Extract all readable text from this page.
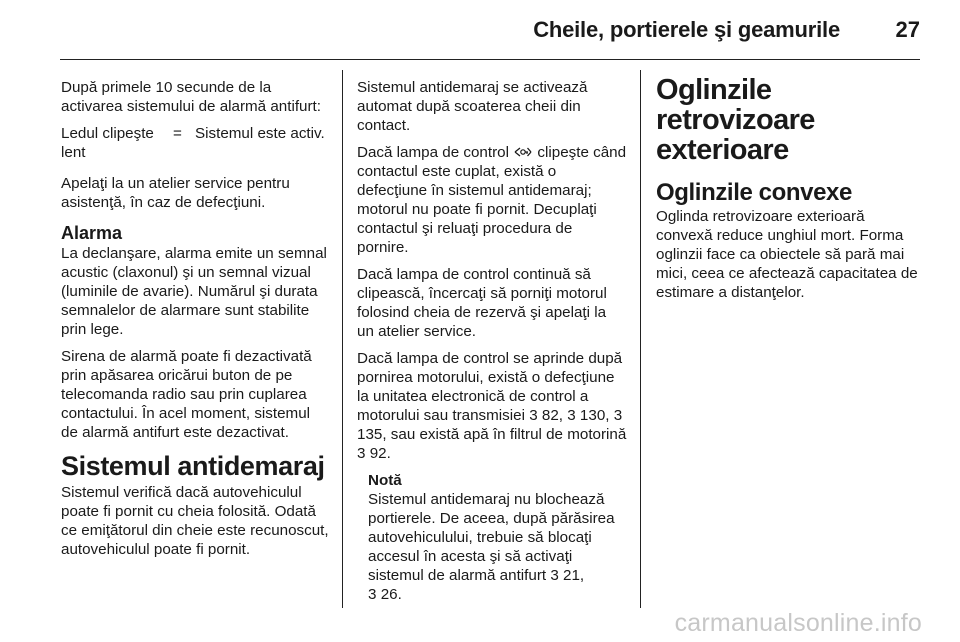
Cheile, portierele şi geamurile	27

După primele 10 secunde de la activarea sistemului de alarmă antifurt:

Ledul clipeşte lent
= Sistemul este activ.

Apelaţi la un atelier service pentru asistenţă, în caz de defecţiuni.

Alarma

La declanşare, alarma emite un semnal acustic (claxonul) şi un semnal vizual (luminile de avarie). Numărul şi durata semnalelor de alarmare sunt stabilite prin lege.

Sirena de alarmă poate fi dezactivată prin apăsarea oricărui buton de pe telecomanda radio sau prin cuplarea contactului. În acel moment, sistemul de alarmă antifurt este dezactivat.

Sistemul antidemaraj

Sistemul verifică dacă autovehiculul poate fi pornit cu cheia folosită. Odată ce emiţătorul din cheie este recunoscut, autovehiculul poate fi pornit.

Sistemul antidemaraj se activează automat după scoaterea cheii din contact.

Dacă lampa de control  clipeşte când contactul este cuplat, există o defecţiune în sistemul antidemaraj; motorul nu poate fi pornit. Decuplaţi contactul şi reluaţi procedura de pornire.

Dacă lampa de control continuă să clipească, încercaţi să porniţi motorul folosind cheia de rezervă şi apelaţi la un atelier service.

Dacă lampa de control se aprinde după pornirea motorului, există o defecţiune la unitatea electronică de control a motorului sau transmisiei 3 82, 3 130, 3 135, sau există apă în filtrul de motorină 3 92.

Notă

Sistemul antidemaraj nu blochează portierele. De aceea, după părăsirea autovehiculului, trebuie să blocaţi accesul în acesta şi să activaţi sistemul de alarmă antifurt 3 21,
3 26.

Oglinzile retrovizoare exterioare
Oglinzile convexe

Oglinda retrovizoare exterioară convexă reduce unghiul mort. Forma oglinzii face ca obiectele să pară mai mici, ceea ce afectează capacitatea de estimare a distanţelor.

carmanualsonline.info
